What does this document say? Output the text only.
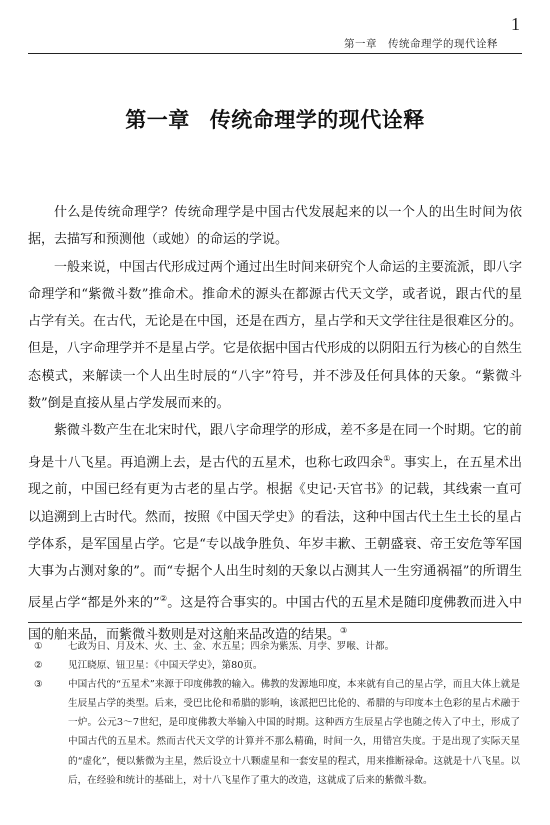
1
第一章　传统命理学的现代诠释
第一章 传统命理学的现代诠释

什么是传统命理学？传统命理学是中国古代发展起来的以一个人的出生时间为依据，去描写和预测他（或她）的命运的学说。

一般来说，中国古代形成过两个通过出生时间来研究个人命运的主要流派，即八字命理学和“紫微斗数”推命术。推命术的源头在都源古代天文学，或者说，跟古代的星占学有关。在古代，无论是在中国，还是在西方，星占学和天文学往往是很难区分的。但是，八字命理学并不是星占学。它是依据中国古代形成的以阴阳五行为核心的自然生态模式，来解读一个人出生时辰的“八字”符号，并不涉及任何具体的天象。“紫微斗数”倒是直接从星占学发展而来的。

紫微斗数产生在北宋时代，跟八字命理学的形成，差不多是在同一个时期。它的前身是十八飞星。再追溯上去，是古代的五星术，也称七政四余①。事实上，在五星术出现之前，中国已经有更为古老的星占学。根据《史记·天官书》的记载，其线索一直可以追溯到上古时代。然而，按照《中国天学史》的看法，这种中国古代土生土长的星占学体系，是军国星占学。它是“专以战争胜负、年岁丰歉、王朝盛衰、帝王安危等军国大事为占测对象的”。而“专据个人出生时刻的天象以占测其人一生穷通祸福”的所谓生辰星占学“都是外来的”②。这是符合事实的。中国古代的五星术是随印度佛教而进入中国的舶来品，而紫微斗数则是对这舶来品改造的结果。③

①	七政为日、月及木、火、土、金、水五星；四余为紫炁、月孛、罗喉、计都。
②	见江晓原、钮卫星：《中国天学史》，第80页。
③	中国古代的“五星术”来源于印度佛教的输入。佛教的发源地印度，本来就有自己的星占学，而且大体上就是生辰星占学的类型。后来，受巴比伦和希腊的影响，该派把巴比伦的、希腊的与印度本土色彩的星占术融于一炉。公元3～7世纪，是印度佛教大举输入中国的时期。这种西方生辰星占学也随之传入了中土，形成了中国古代的五星术。然而古代天文学的计算并不那么精确，时间一久，用错宫失度。于是出现了实际天星的“虚化”，便以紫微为主星，然后设立十八颗虚星和一套安星的程式，用来推断禄命。这就是十八飞星。以后，在经验和统计的基础上，对十八飞星作了重大的改造，这就成了后来的紫微斗数。
